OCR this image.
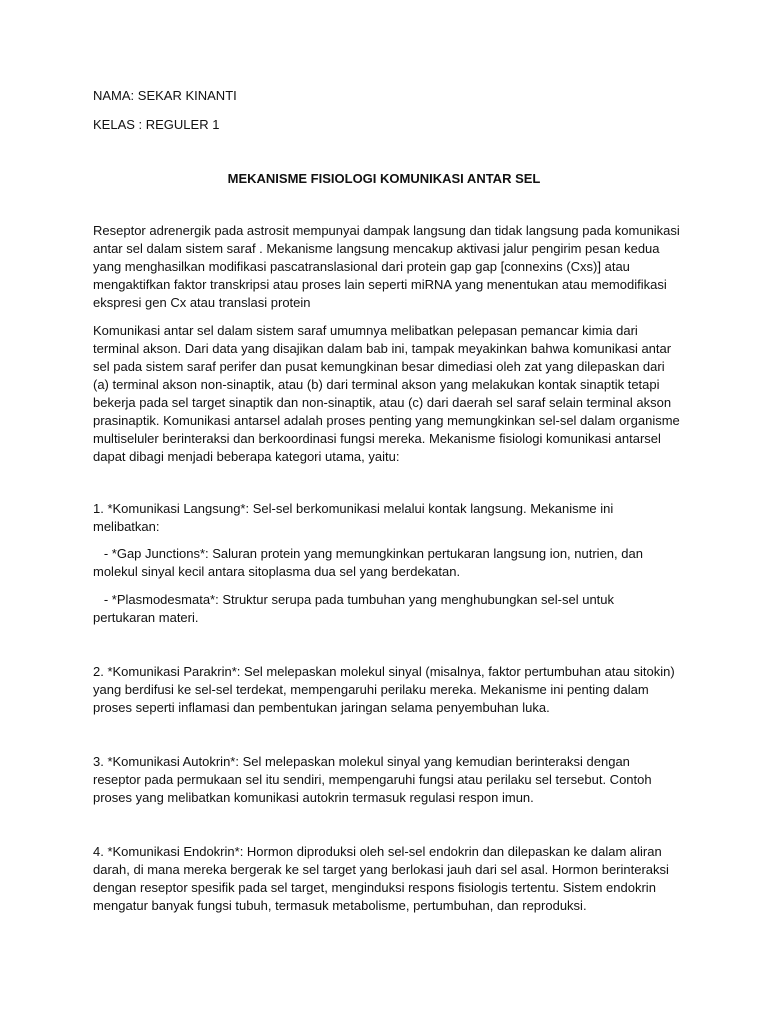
NAMA: SEKAR KINANTI

KELAS : REGULER 1

MEKANISME FISIOLOGI KOMUNIKASI ANTAR SEL

Reseptor adrenergik pada astrosit mempunyai dampak langsung dan tidak langsung pada komunikasi
antar sel dalam sistem saraf . Mekanisme langsung mencakup aktivasi jalur pengirim pesan kedua
yang menghasilkan modifikasi pascatranslasional dari protein gap gap [connexins (Cxs)] atau
mengaktifkan faktor transkripsi atau proses lain seperti miRNA yang menentukan atau memodifikasi
ekspresi gen Cx atau translasi protein
Komunikasi antar sel dalam sistem saraf umumnya melibatkan pelepasan pemancar kimia dari
terminal akson. Dari data yang disajikan dalam bab ini, tampak meyakinkan bahwa komunikasi antar
sel pada sistem saraf perifer dan pusat kemungkinan besar dimediasi oleh zat yang dilepaskan dari
(a) terminal akson non-sinaptik, atau (b) dari terminal akson yang melakukan kontak sinaptik tetapi
bekerja pada sel target sinaptik dan non-sinaptik, atau (c) dari daerah sel saraf selain terminal akson
prasinaptik. Komunikasi antarsel adalah proses penting yang memungkinkan sel-sel dalam organisme
multiseluler berinteraksi dan berkoordinasi fungsi mereka. Mekanisme fisiologi komunikasi antarsel
dapat dibagi menjadi beberapa kategori utama, yaitu:
1. *Komunikasi Langsung*: Sel-sel berkomunikasi melalui kontak langsung. Mekanisme ini
melibatkan:
- *Gap Junctions*: Saluran protein yang memungkinkan pertukaran langsung ion, nutrien, dan
molekul sinyal kecil antara sitoplasma dua sel yang berdekatan.
- *Plasmodesmata*: Struktur serupa pada tumbuhan yang menghubungkan sel-sel untuk
pertukaran materi.
2. *Komunikasi Parakrin*: Sel melepaskan molekul sinyal (misalnya, faktor pertumbuhan atau sitokin)
yang berdifusi ke sel-sel terdekat, mempengaruhi perilaku mereka. Mekanisme ini penting dalam
proses seperti inflamasi dan pembentukan jaringan selama penyembuhan luka.
3. *Komunikasi Autokrin*: Sel melepaskan molekul sinyal yang kemudian berinteraksi dengan
reseptor pada permukaan sel itu sendiri, mempengaruhi fungsi atau perilaku sel tersebut. Contoh
proses yang melibatkan komunikasi autokrin termasuk regulasi respon imun.
4. *Komunikasi Endokrin*: Hormon diproduksi oleh sel-sel endokrin dan dilepaskan ke dalam aliran
darah, di mana mereka bergerak ke sel target yang berlokasi jauh dari sel asal. Hormon berinteraksi
dengan reseptor spesifik pada sel target, menginduksi respons fisiologis tertentu. Sistem endokrin
mengatur banyak fungsi tubuh, termasuk metabolisme, pertumbuhan, dan reproduksi.
